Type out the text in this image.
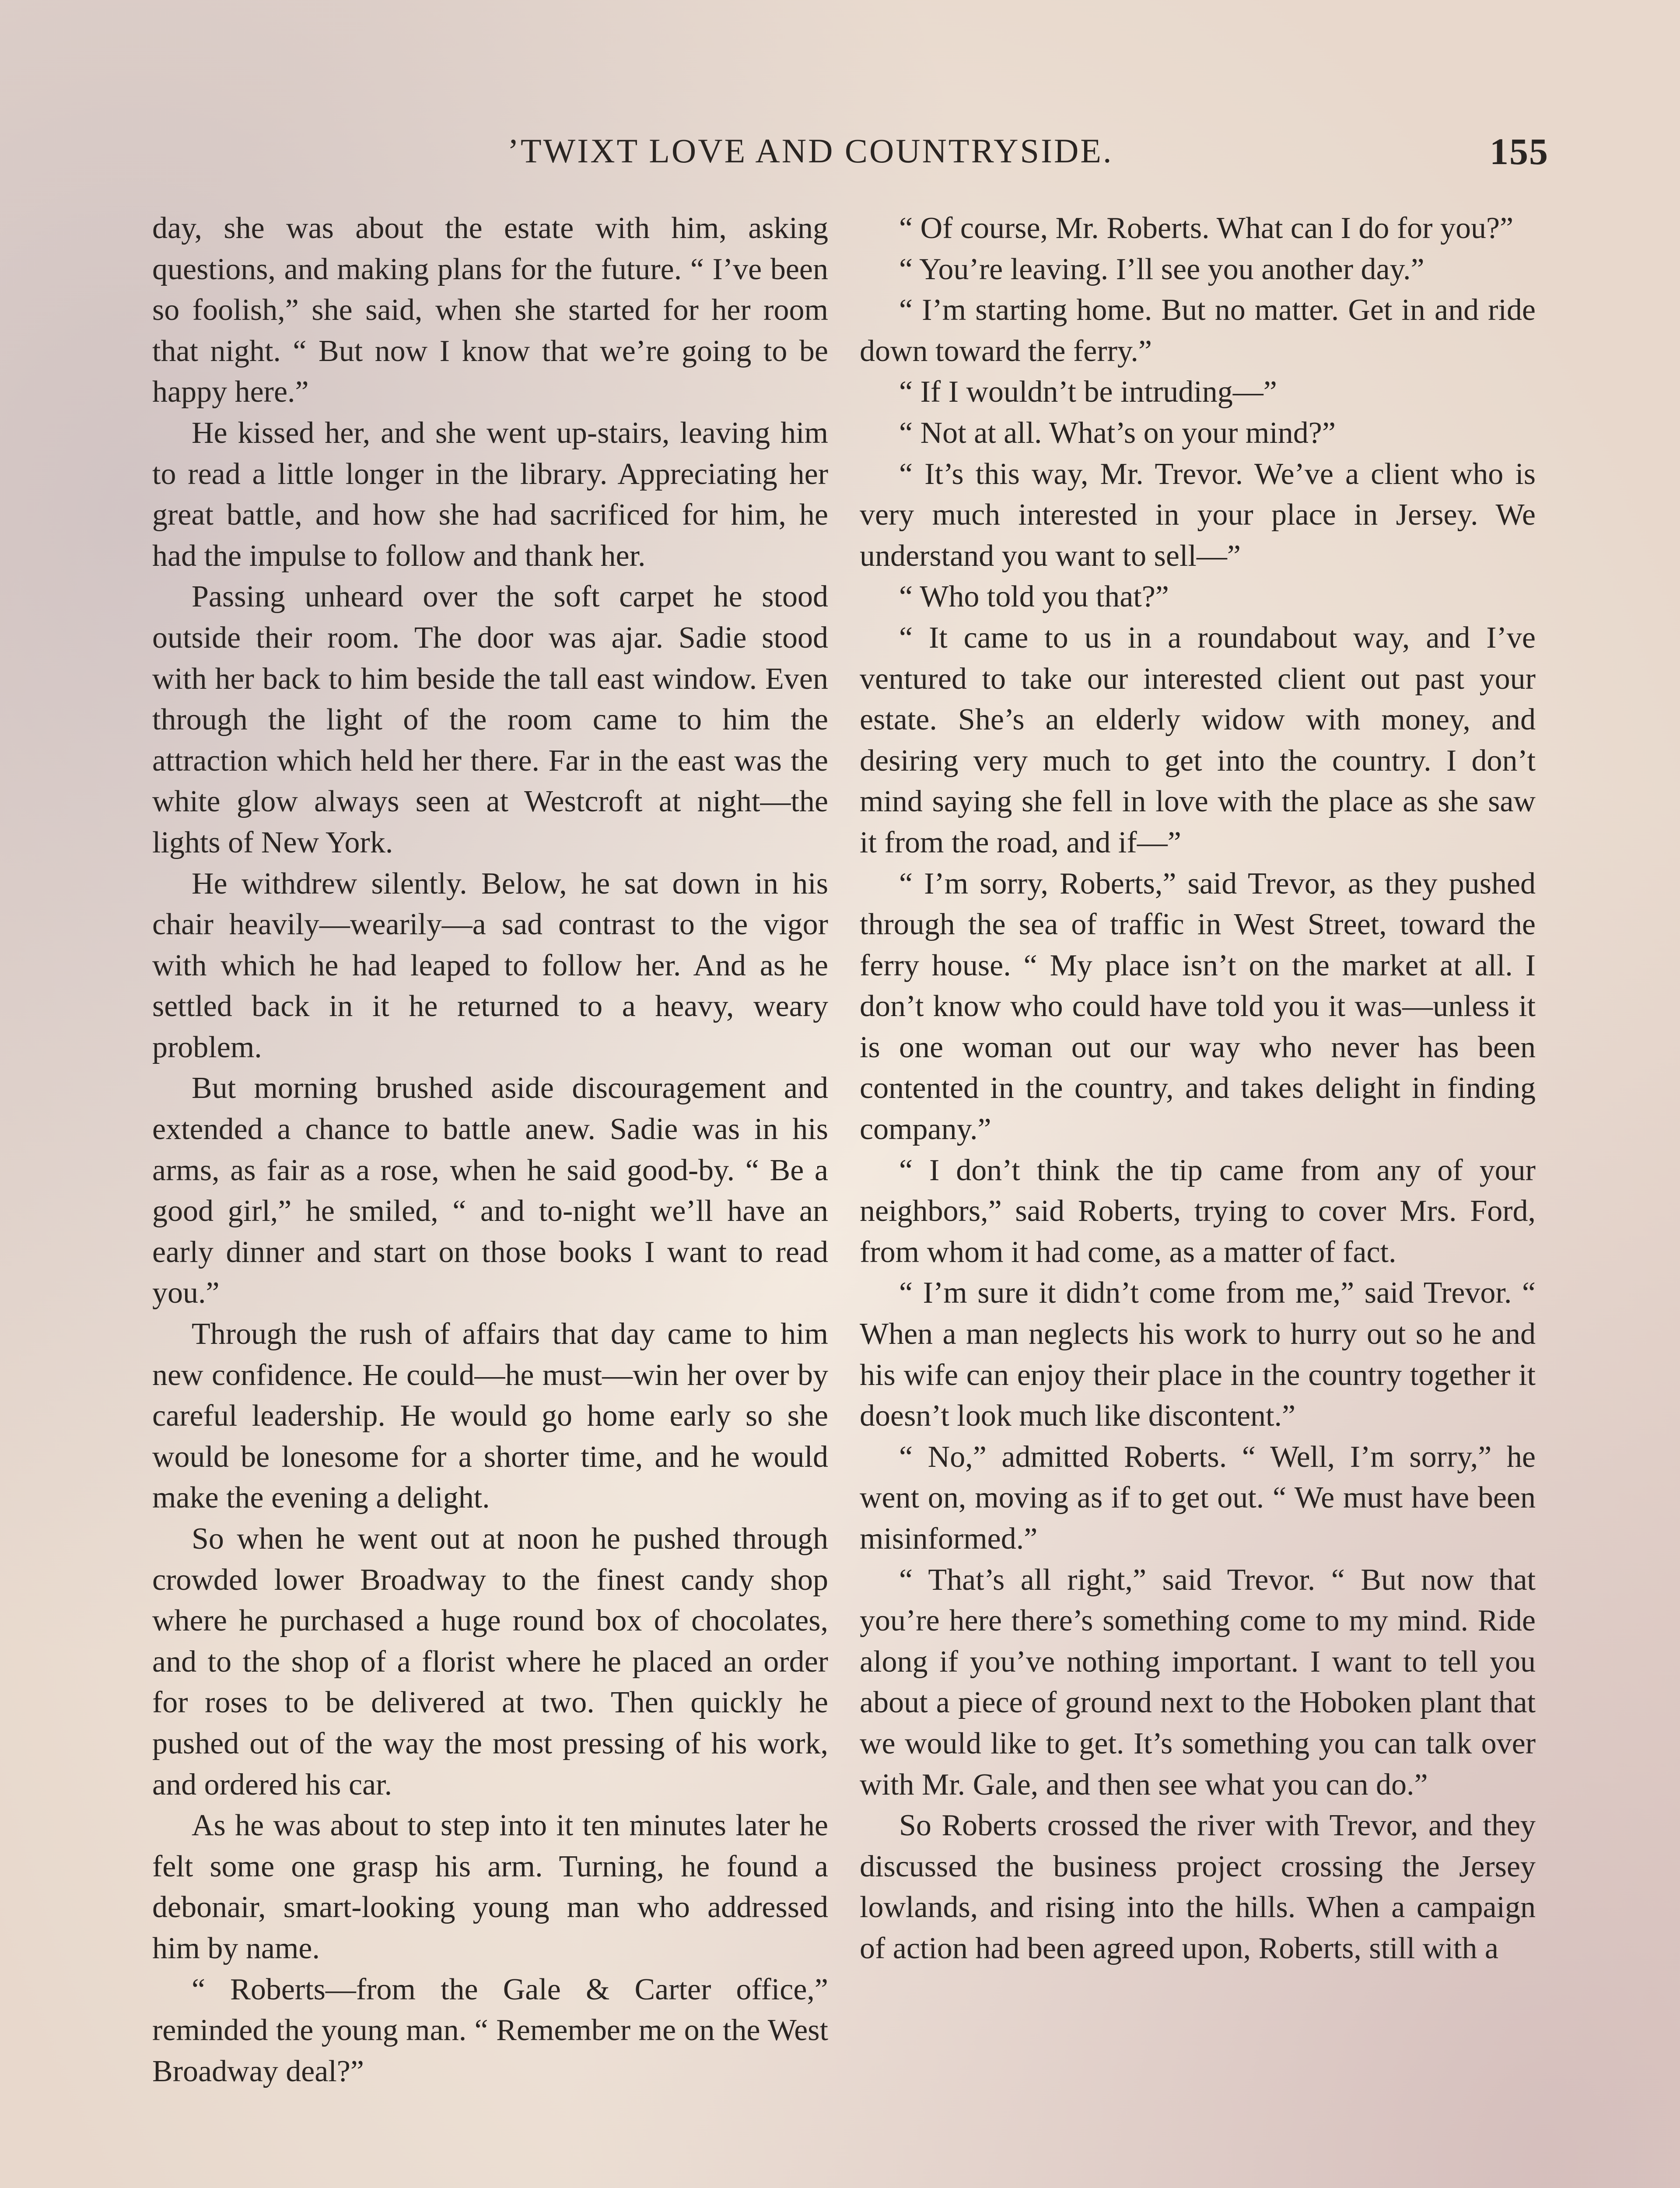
’TWIXT LOVE AND COUNTRYSIDE.	155

day, she was about the estate with him, asking questions, and making plans for the future. “ I’ve been so foolish,” she said, when she started for her room that night. “ But now I know that we’re going to be happy here.”

He kissed her, and she went up-stairs, leaving him to read a little longer in the library. Appreciating her great battle, and how she had sacrificed for him, he had the impulse to follow and thank her.

Passing unheard over the soft carpet he stood outside their room. The door was ajar. Sadie stood with her back to him beside the tall east window. Even through the light of the room came to him the attraction which held her there. Far in the east was the white glow always seen at Westcroft at night—the lights of New York.

He withdrew silently. Below, he sat down in his chair heavily—wearily—a sad contrast to the vigor with which he had leaped to follow her. And as he settled back in it he returned to a heavy, weary problem.

But morning brushed aside discouragement and extended a chance to battle anew. Sadie was in his arms, as fair as a rose, when he said good-by. “ Be a good girl,” he smiled, “ and to-night we’ll have an early dinner and start on those books I want to read you.”

Through the rush of affairs that day came to him new confidence. He could—he must—win her over by careful leadership. He would go home early so she would be lonesome for a shorter time, and he would make the evening a delight.

So when he went out at noon he pushed through crowded lower Broadway to the finest candy shop where he purchased a huge round box of chocolates, and to the shop of a florist where he placed an order for roses to be delivered at two. Then quickly he pushed out of the way the most pressing of his work, and ordered his car.

As he was about to step into it ten minutes later he felt some one grasp his arm. Turning, he found a debonair, smart-looking young man who addressed him by name.

“ Roberts—from the Gale & Carter office,” reminded the young man. “ Remember me on the West Broadway deal?”

“ Of course, Mr. Roberts. What can I do for you?”

“ You’re leaving. I’ll see you another day.”

“ I’m starting home. But no matter. Get in and ride down toward the ferry.”

“ If I wouldn’t be intruding—”

“ Not at all. What’s on your mind?”

“ It’s this way, Mr. Trevor. We’ve a client who is very much interested in your place in Jersey. We understand you want to sell—”

“ Who told you that?”

“ It came to us in a roundabout way, and I’ve ventured to take our interested client out past your estate. She’s an elderly widow with money, and desiring very much to get into the country. I don’t mind saying she fell in love with the place as she saw it from the road, and if—”

“ I’m sorry, Roberts,” said Trevor, as they pushed through the sea of traffic in West Street, toward the ferry house. “ My place isn’t on the market at all. I don’t know who could have told you it was—unless it is one woman out our way who never has been contented in the country, and takes delight in finding company.”

“ I don’t think the tip came from any of your neighbors,” said Roberts, trying to cover Mrs. Ford, from whom it had come, as a matter of fact.

“ I’m sure it didn’t come from me,” said Trevor. “ When a man neglects his work to hurry out so he and his wife can enjoy their place in the country together it doesn’t look much like discontent.”

“ No,” admitted Roberts. “ Well, I’m sorry,” he went on, moving as if to get out. “ We must have been misinformed.”

“ That’s all right,” said Trevor. “ But now that you’re here there’s something come to my mind. Ride along if you’ve nothing important. I want to tell you about a piece of ground next to the Hoboken plant that we would like to get. It’s something you can talk over with Mr. Gale, and then see what you can do.”

So Roberts crossed the river with Trevor, and they discussed the business project crossing the Jersey lowlands, and rising into the hills. When a campaign of action had been agreed upon, Roberts, still with a
